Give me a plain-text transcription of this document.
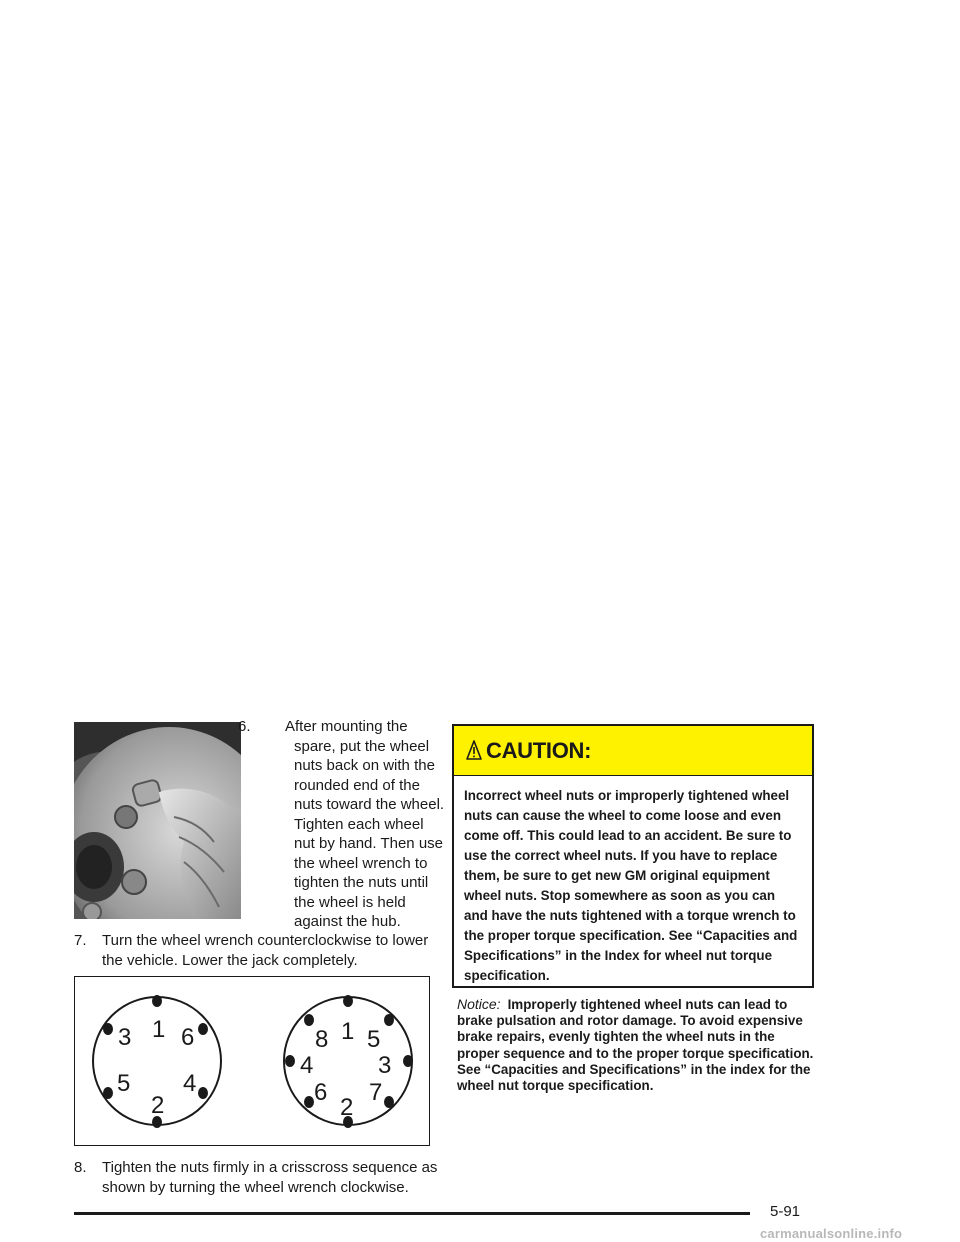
6. After mounting the spare, put the wheel nuts back on with the rounded end of the nuts toward the wheel. Tighten each wheel nut by hand. Then use the wheel wrench to tighten the nuts until the wheel is held against the hub.
7. Turn the wheel wrench counterclockwise to lower the vehicle. Lower the jack completely.
1 6
4
2
5
3	1 5
3
7
2
6
4
8
8. Tighten the nuts firmly in a crisscross sequence as shown by turning the wheel wrench clockwise.
CAUTION:
Incorrect wheel nuts or improperly tightened wheel nuts can cause the wheel to come loose and even come off. This could lead to an accident. Be sure to use the correct wheel nuts. If you have to replace them, be sure to get new GM original equipment wheel nuts. Stop somewhere as soon as you can and have the nuts tightened with a torque wrench to the proper torque specification. See “Capacities and Specifications” in the Index for wheel nut torque specification.
Notice: Improperly tightened wheel nuts can lead to brake pulsation and rotor damage. To avoid expensive brake repairs, evenly tighten the wheel nuts in the proper sequence and to the proper torque specification. See “Capacities and Specifications” in the index for the wheel nut torque specification.
5-91
carmanualsonline.info
